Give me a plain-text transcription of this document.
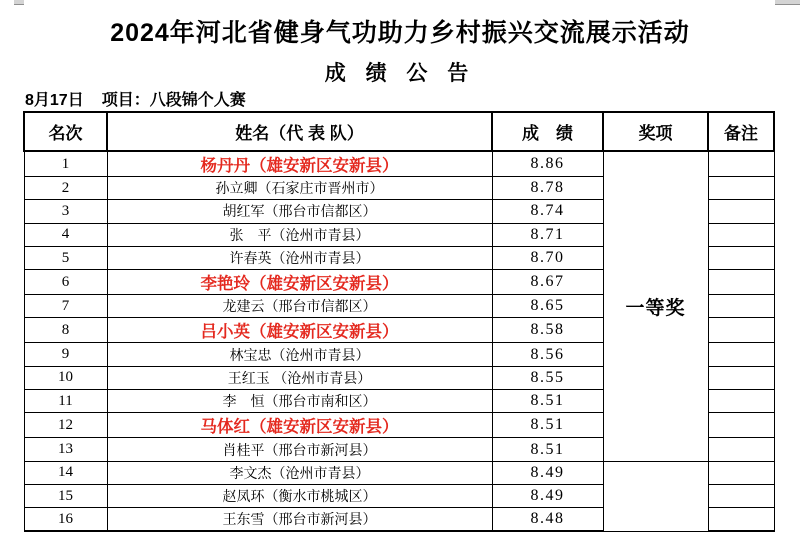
2024年河北省健身气功助力乡村振兴交流展示活动
成 绩 公 告
8月17日 项目：八段锦个人赛
名次	姓名（代 表 队）	成　绩	奖项	备注
1	杨丹丹（雄安新区安新县）	8.86	一等奖	
2	孙立卿（石家庄市晋州市）	8.78		
3	胡红军（邢台市信都区）	8.74		
4	张　平（沧州市青县）	8.71		
5	许春英（沧州市青县）	8.70		
6	李艳玲（雄安新区安新县）	8.67		
7	龙建云（邢台市信都区）	8.65		
8	吕小英（雄安新区安新县）	8.58		
9	林宝忠（沧州市青县）	8.56		
10	王红玉 （沧州市青县）	8.55		
11	李　恒（邢台市南和区）	8.51		
12	马体红（雄安新区安新县）	8.51		
13	肖桂平（邢台市新河县）	8.51		
14	李文杰（沧州市青县）	8.49		
15	赵凤环（衡水市桃城区）	8.49		
16	王东雪（邢台市新河县）	8.48		
